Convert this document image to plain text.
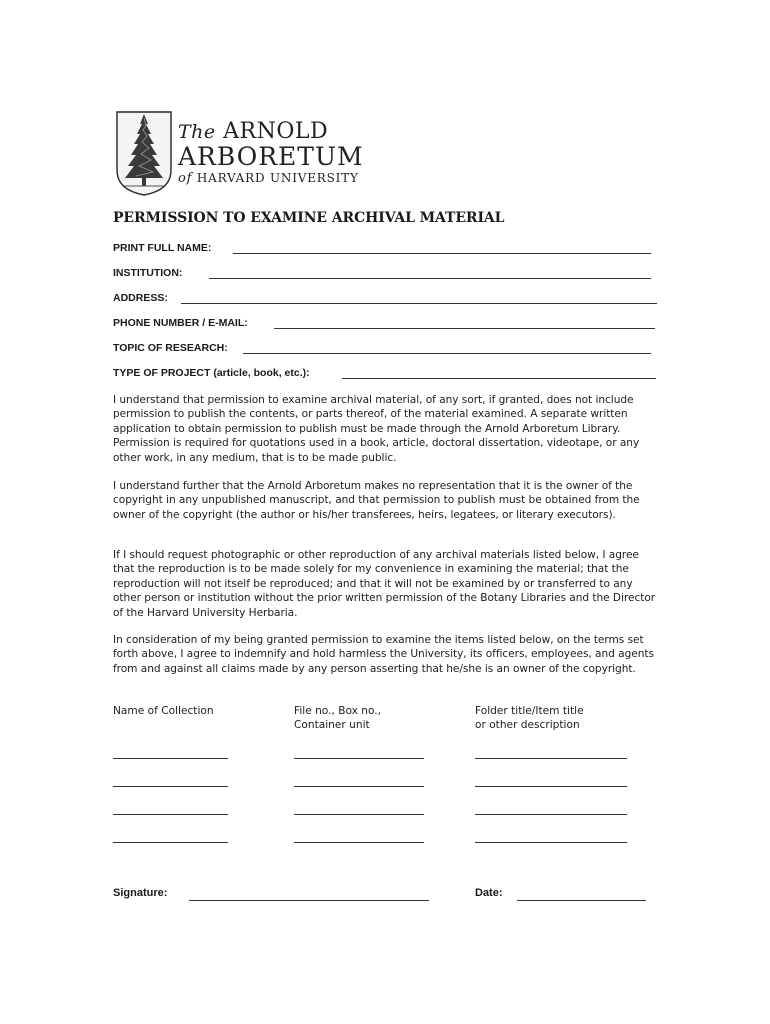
The ARNOLD
ARBORETUM
of HARVARD UNIVERSITY
PERMISSION TO EXAMINE ARCHIVAL MATERIAL
PRINT FULL NAME:
INSTITUTION:
ADDRESS:
PHONE NUMBER / E-MAIL:
TOPIC OF RESEARCH:
TYPE OF PROJECT (article, book, etc.):
I understand that permission to examine archival material, of any sort, if granted, does not include permission to publish the contents, or parts thereof, of the material examined. A separate written application to obtain permission to publish must be made through the Arnold Arboretum Library. Permission is required for quotations used in a book, article, doctoral dissertation, videotape, or any other work, in any medium, that is to be made public.
I understand further that the Arnold Arboretum makes no representation that it is the owner of the copyright in any unpublished manuscript, and that permission to publish must be obtained from the owner of the copyright (the author or his/her transferees, heirs, legatees, or literary executors).
If I should request photographic or other reproduction of any archival materials listed below, I agree that the reproduction is to be made solely for my convenience in examining the material; that the reproduction will not itself be reproduced; and that it will not be examined by or transferred to any other person or institution without the prior written permission of the Botany Libraries and the Director of the Harvard University Herbaria.
In consideration of my being granted permission to examine the items listed below, on the terms set forth above, I agree to indemnify and hold harmless the University, its officers, employees, and agents from and against all claims made by any person asserting that he/she is an owner of the copyright.
Name of Collection	File no., Box no.,
Container unit
Folder title/Item title
or other description
Signature:	Date:
